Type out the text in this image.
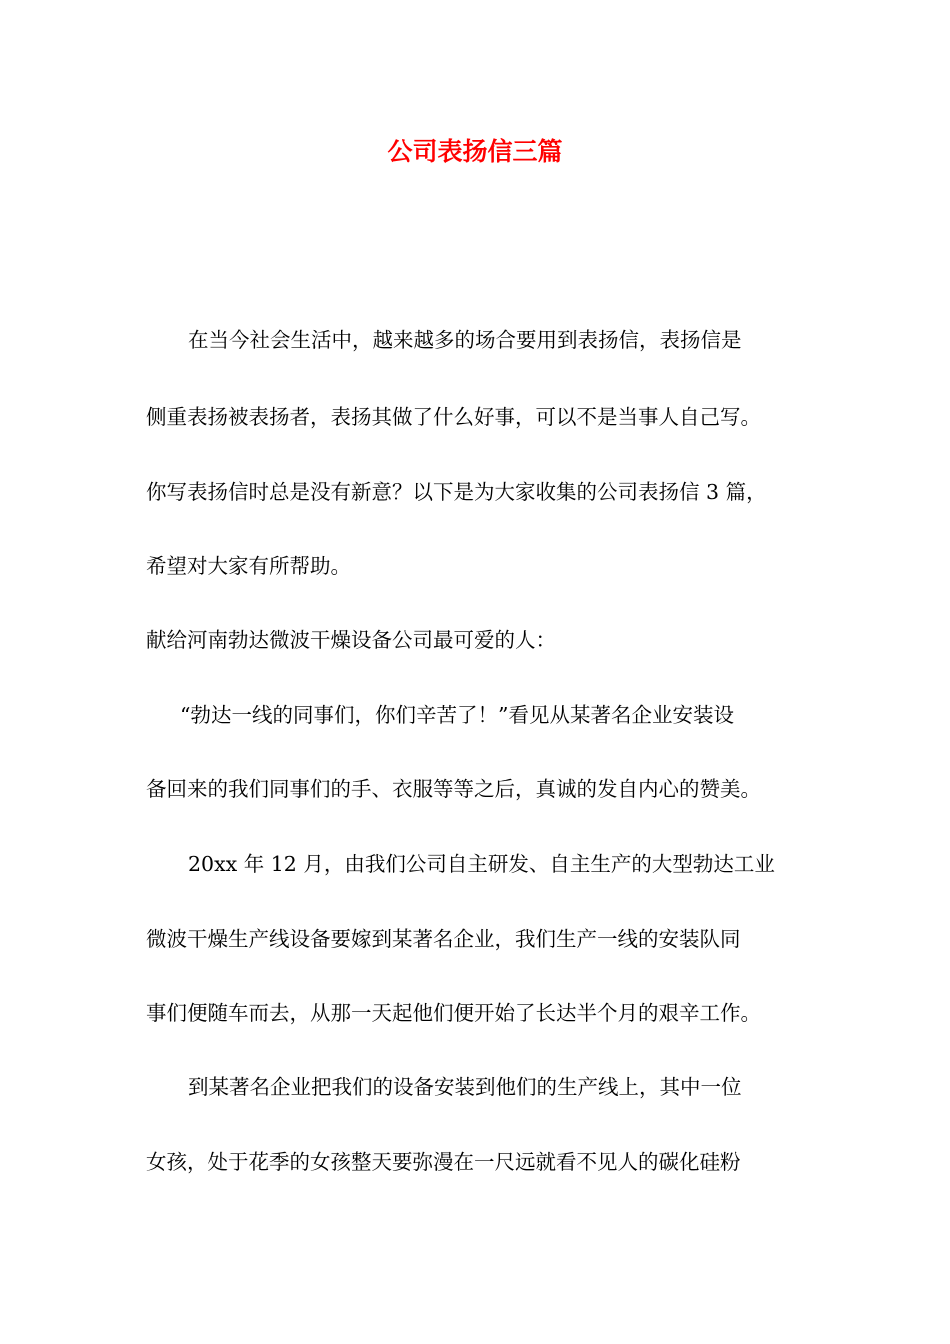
公司表扬信三篇
在当今社会生活中，越来越多的场合要用到表扬信，表扬信是
侧重表扬被表扬者，表扬其做了什么好事，可以不是当事人自己写。
你写表扬信时总是没有新意？以下是为大家收集的公司表扬信 3 篇，
希望对大家有所帮助。
献给河南勃达微波干燥设备公司最可爱的人：
“勃达一线的同事们，你们辛苦了！”看见从某著名企业安装设
备回来的我们同事们的手、衣服等等之后，真诚的发自内心的赞美。
20xx 年 12 月，由我们公司自主研发、自主生产的大型勃达工业
微波干燥生产线设备要嫁到某著名企业，我们生产一线的安装队同
事们便随车而去，从那一天起他们便开始了长达半个月的艰辛工作。
到某著名企业把我们的设备安装到他们的生产线上，其中一位
女孩，处于花季的女孩整天要弥漫在一尺远就看不见人的碳化硅粉
